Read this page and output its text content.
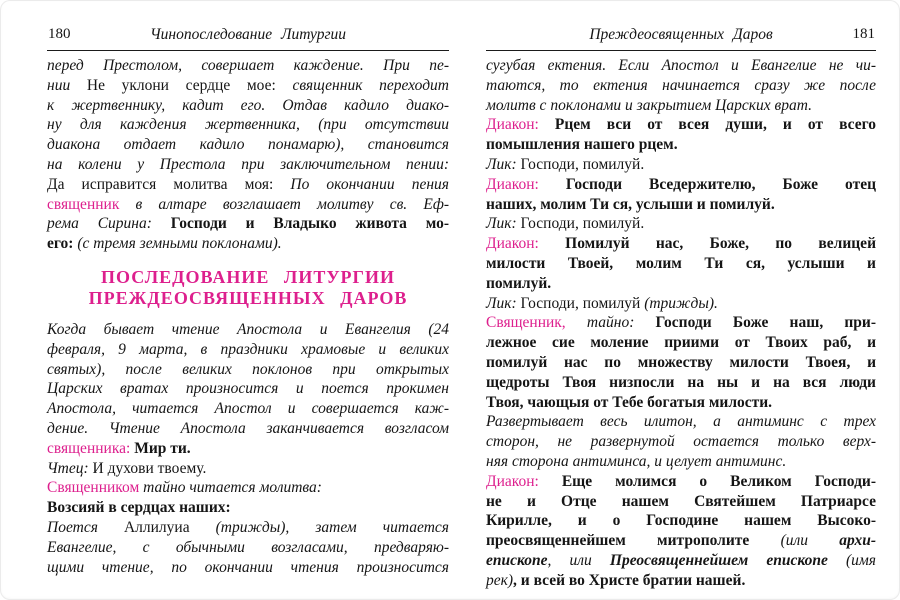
180	Чинопоследование Литургии
перед Престолом, совершает каждение. При пе-
нии Не уклони сердце мое: священник переходит
к жертвеннику, кадит его. Отдав кадило диако-
ну для каждения жертвенника, (при отсутствии
диакона отдает кадило понамарю), становится
на колени у Престола при заключительном пении:
Да исправится молитва моя: По окончании пения
священник в алтаре возглашает молитву св. Еф-
рема Сирина: Господи и Владыко живота мо-
его: (с тремя земными поклонами).
ПОСЛЕДОВАНИЕ ЛИТУРГИИ
ПРЕЖДЕОСВЯЩЕННЫХ ДАРОВ
Когда бывает чтение Апостола и Евангелия (24
февраля, 9 марта, в праздники храмовые и великих
святых), после великих поклонов при открытых
Царских вратах произносится и поется прокимен
Апостола, читается Апостол и совершается каж-
дение. Чтение Апостола заканчивается возгласом
священника: Мир ти.
Чтец: И духови твоему.
Священником тайно читается молитва:
Возсияй в сердцах наших:
Поется Аллилуиа (трижды), затем читается
Евангелие, с обычными возгласами, предваряю-
щими чтение, по окончании чтения произносится
Преждеосвященных Даров	181
сугубая ектения. Если Апостол и Евангелие не чи-
таются, то ектения начинается сразу же после
молитв с поклонами и закрытием Царских врат.
Диакон: Рцем вси от всея души, и от всего
помышления нашего рцем.
Лик: Господи, помилуй.
Диакон: Господи Вседержителю, Боже отец
наших, молим Ти ся, услыши и помилуй.
Лик: Господи, помилуй.
Диакон: Помилуй нас, Боже, по велицей
милости Твоей, молим Ти ся, услыши и
помилуй.
Лик: Господи, помилуй (трижды).
Священник, тайно: Господи Боже наш, при-
лежное сие моление приими от Твоих раб, и
помилуй нас по множеству милости Твоея, и
щедроты Твоя низпосли на ны и на вся люди
Твоя, чающыя от Тебе богатыя милости.
Развертывает весь илитон, а антиминс с трех
сторон, не развернутой остается только верх-
няя сторона антиминса, и целует антиминс.
Диакон: Еще молимся о Великом Господи-
не и Отце нашем Святейшем Патриарсе
Кирилле, и о Господине нашем Высоко-
преосвященнейшем митрополите (или архи-
епископе, или Преосвященнейшем епископе (имя
рек), и всей во Христе братии нашей.
